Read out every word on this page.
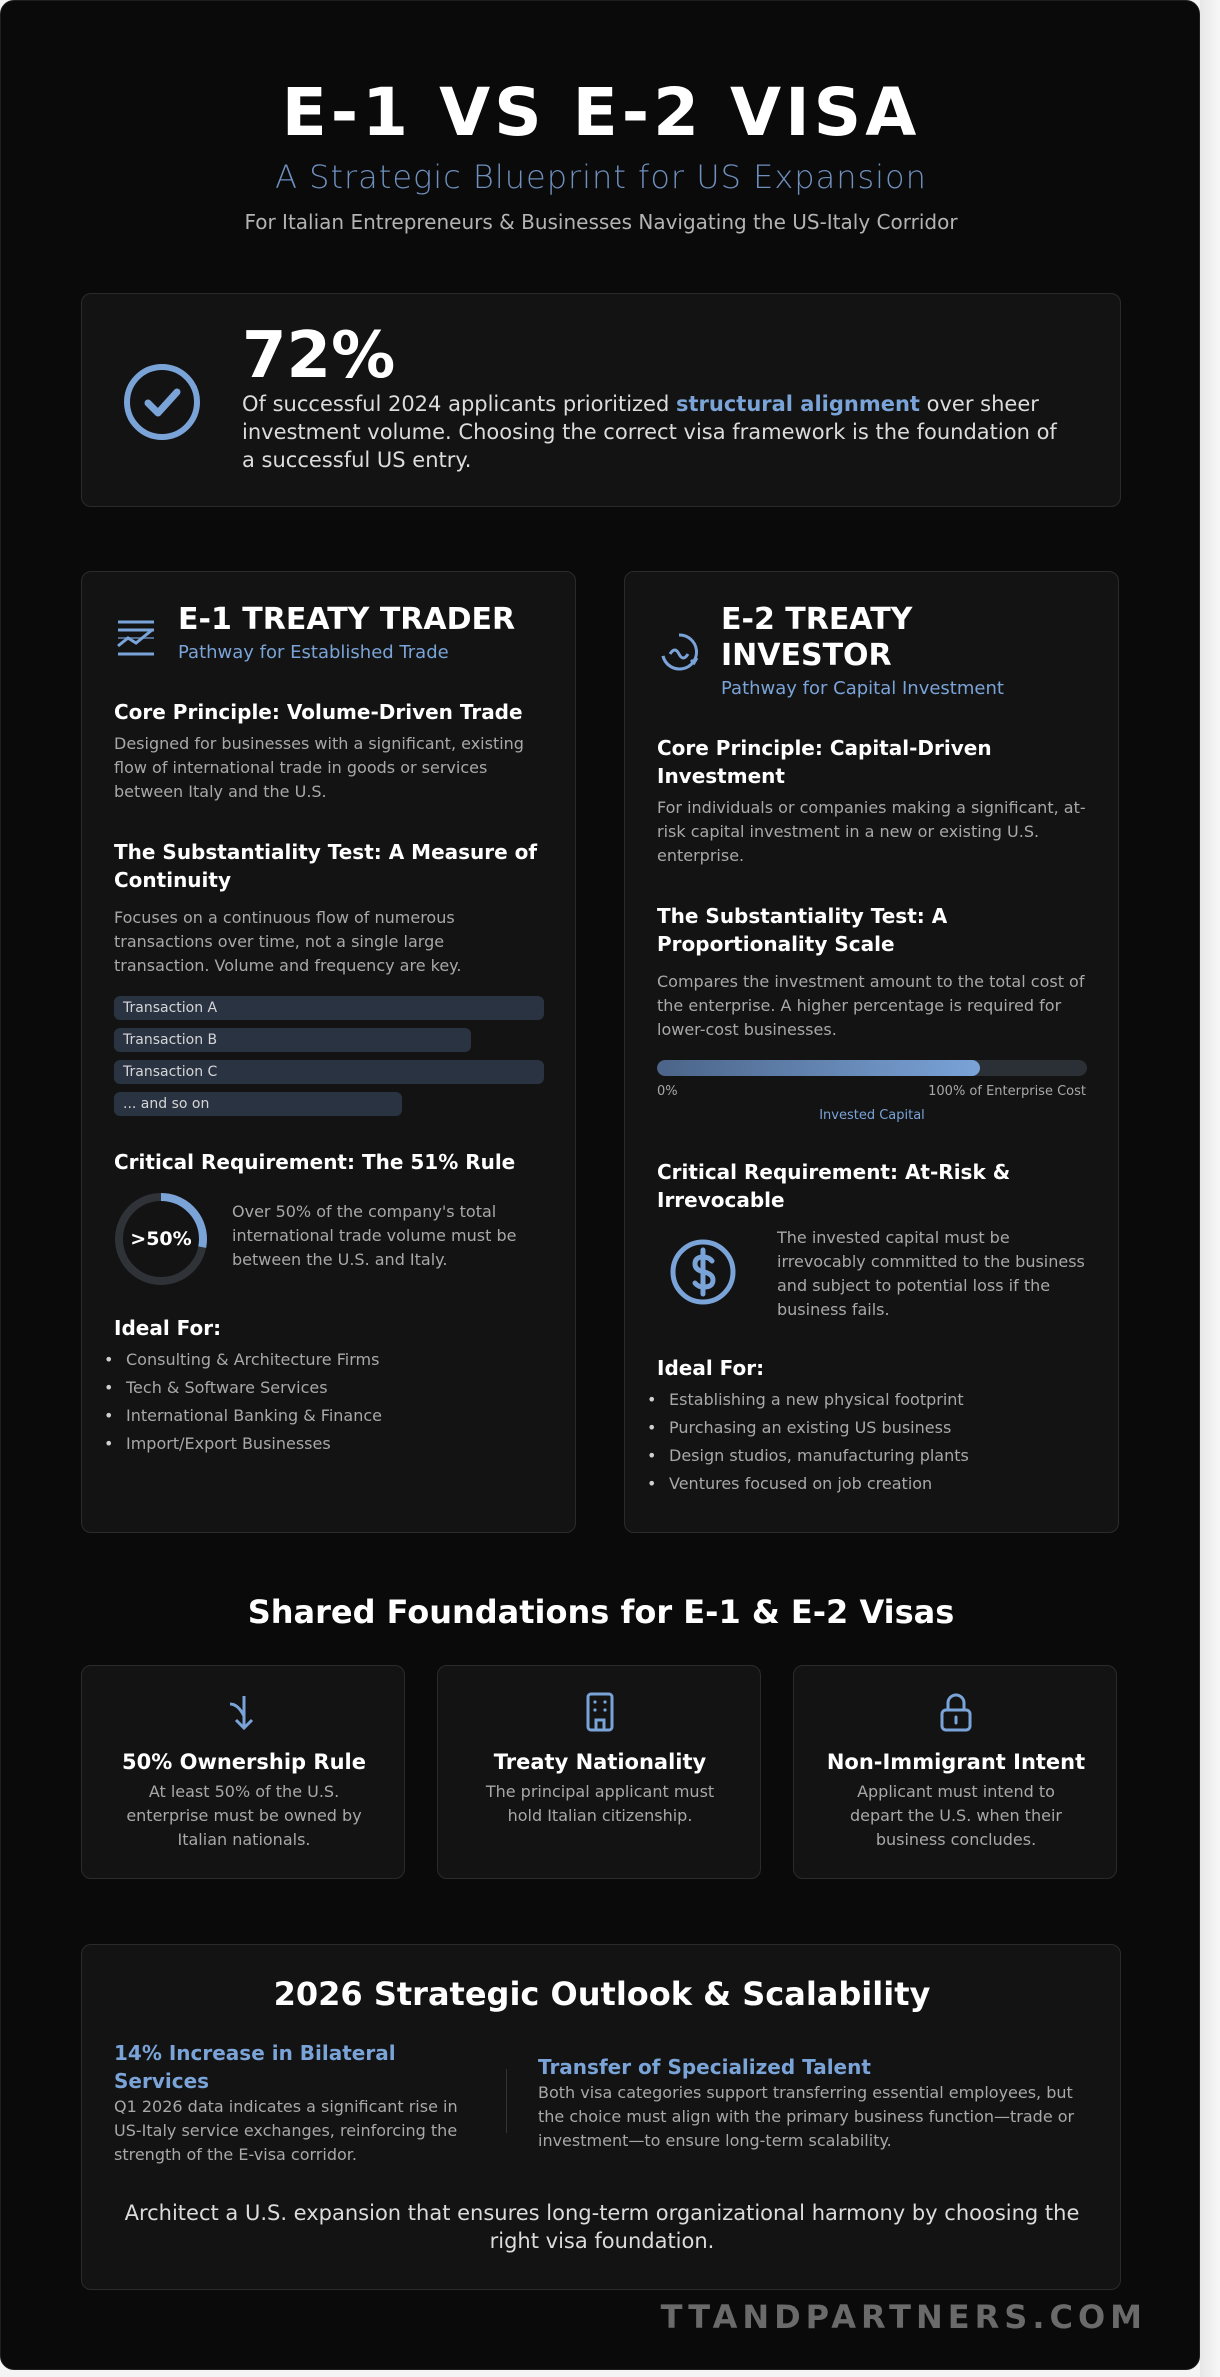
E-1 VS E-2 VISA
A Strategic Blueprint for US Expansion
For Italian Entrepreneurs & Businesses Navigating the US-Italy Corridor
72%
Of successful 2024 applicants prioritized structural alignment over sheer investment volume. Choosing the correct visa framework is the foundation of a successful US entry.
E-1 TREATY TRADER
Pathway for Established Trade
Core Principle: Volume-Driven Trade
Designed for businesses with a significant, existing flow of international trade in goods or services between Italy and the U.S.
The Substantiality Test: A Measure of Continuity
Focuses on a continuous flow of numerous transactions over time, not a single large transaction. Volume and frequency are key.
Transaction A
Transaction B
Transaction C
... and so on
Critical Requirement: The 51% Rule
>50%
Over 50% of the company's total international trade volume must be between the U.S. and Italy.
Ideal For:
• Consulting & Architecture Firms
• Tech & Software Services
• International Banking & Finance
• Import/Export Businesses
E-2 TREATY INVESTOR
Pathway for Capital Investment
Core Principle: Capital-Driven Investment
For individuals or companies making a significant, at-risk capital investment in a new or existing U.S. enterprise.
The Substantiality Test: A Proportionality Scale
Compares the investment amount to the total cost of the enterprise. A higher percentage is required for lower-cost businesses.
0%	100% of Enterprise Cost
Invested Capital
Critical Requirement: At-Risk & Irrevocable
The invested capital must be irrevocably committed to the business and subject to potential loss if the business fails.
Ideal For:
• Establishing a new physical footprint
• Purchasing an existing US business
• Design studios, manufacturing plants
• Ventures focused on job creation
Shared Foundations for E-1 & E-2 Visas
50% Ownership Rule
At least 50% of the U.S. enterprise must be owned by Italian nationals.
Treaty Nationality
The principal applicant must hold Italian citizenship.
Non-Immigrant Intent
Applicant must intend to depart the U.S. when their business concludes.
2026 Strategic Outlook & Scalability
14% Increase in Bilateral Services
Q1 2026 data indicates a significant rise in US-Italy service exchanges, reinforcing the strength of the E-visa corridor.
Transfer of Specialized Talent
Both visa categories support transferring essential employees, but the choice must align with the primary business function—trade or investment—to ensure long-term scalability.
Architect a U.S. expansion that ensures long-term organizational harmony by choosing the right visa foundation.
TTANDPARTNERS.COM
